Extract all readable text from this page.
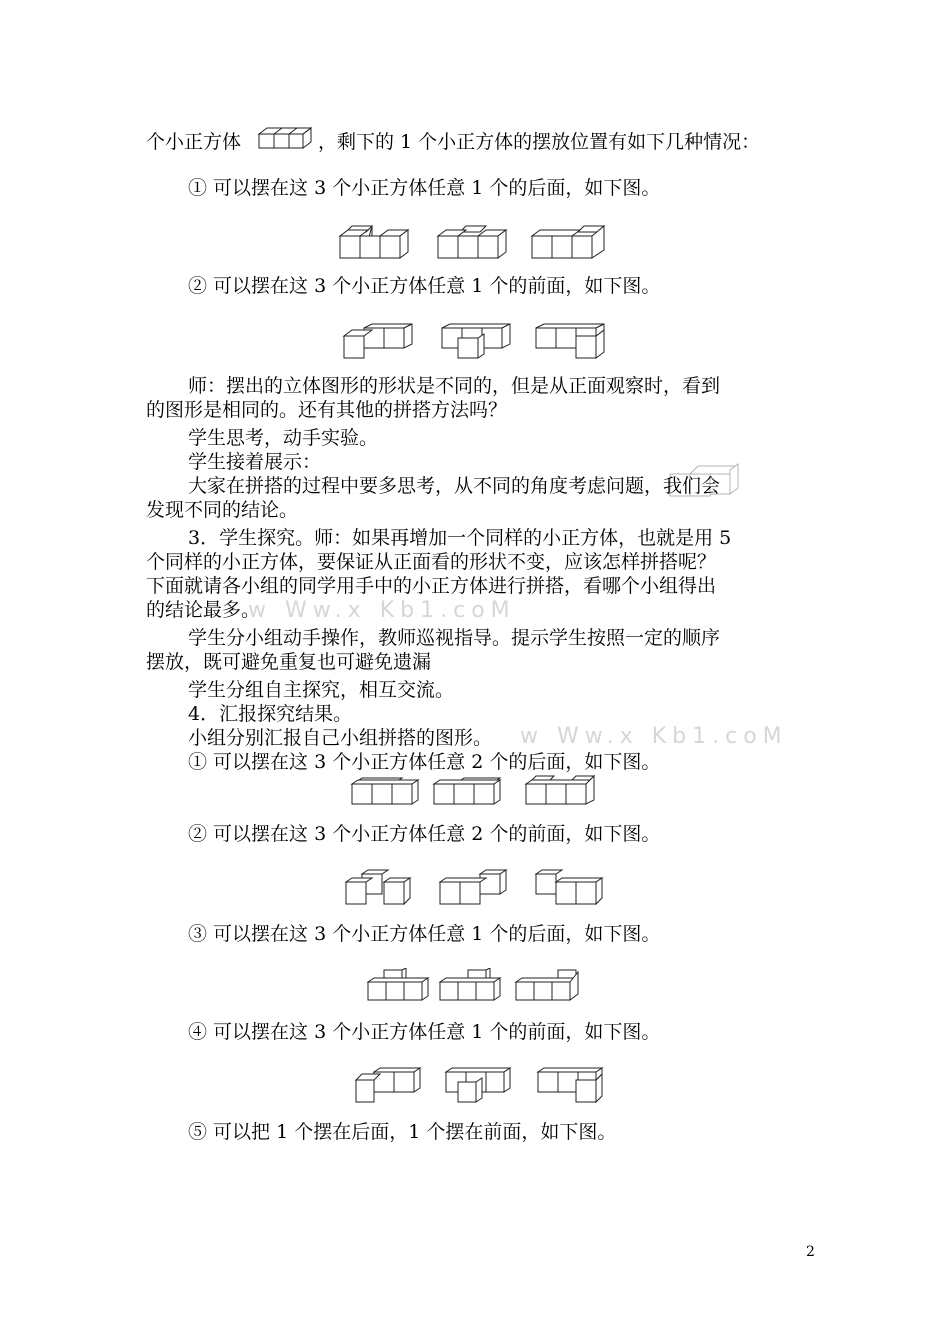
个小正方体	，剩下的 1 个小正方体的摆放位置有如下几种情况：
① 可以摆在这 3 个小正方体任意 1 个的后面，如下图。
② 可以摆在这 3 个小正方体任意 1 个的前面，如下图。
师：摆出的立体图形的形状是不同的，但是从正面观察时，看到
的图形是相同的。还有其他的拼搭方法吗？
学生思考，动手实验。
学生接着展示：
大家在拼搭的过程中要多思考，从不同的角度考虑问题，我们会
发现不同的结论。
3．学生探究。师：如果再增加一个同样的小正方体，也就是用 5
个同样的小正方体，要保证从正面看的形状不变，应该怎样拼搭呢？
下面就请各小组的同学用手中的小正方体进行拼搭，看哪个小组得出
的结论最多。
w Ww.x Kb1.coM
学生分小组动手操作，教师巡视指导。提示学生按照一定的顺序
摆放，既可避免重复也可避免遗漏
学生分组自主探究，相互交流。
4．汇报探究结果。
小组分别汇报自己小组拼搭的图形。 w Ww.x Kb1.coM
① 可以摆在这 3 个小正方体任意 2 个的后面，如下图。
② 可以摆在这 3 个小正方体任意 2 个的前面，如下图。
③ 可以摆在这 3 个小正方体任意 1 个的后面，如下图。
④ 可以摆在这 3 个小正方体任意 1 个的前面，如下图。
⑤ 可以把 1 个摆在后面，1 个摆在前面，如下图。
2
